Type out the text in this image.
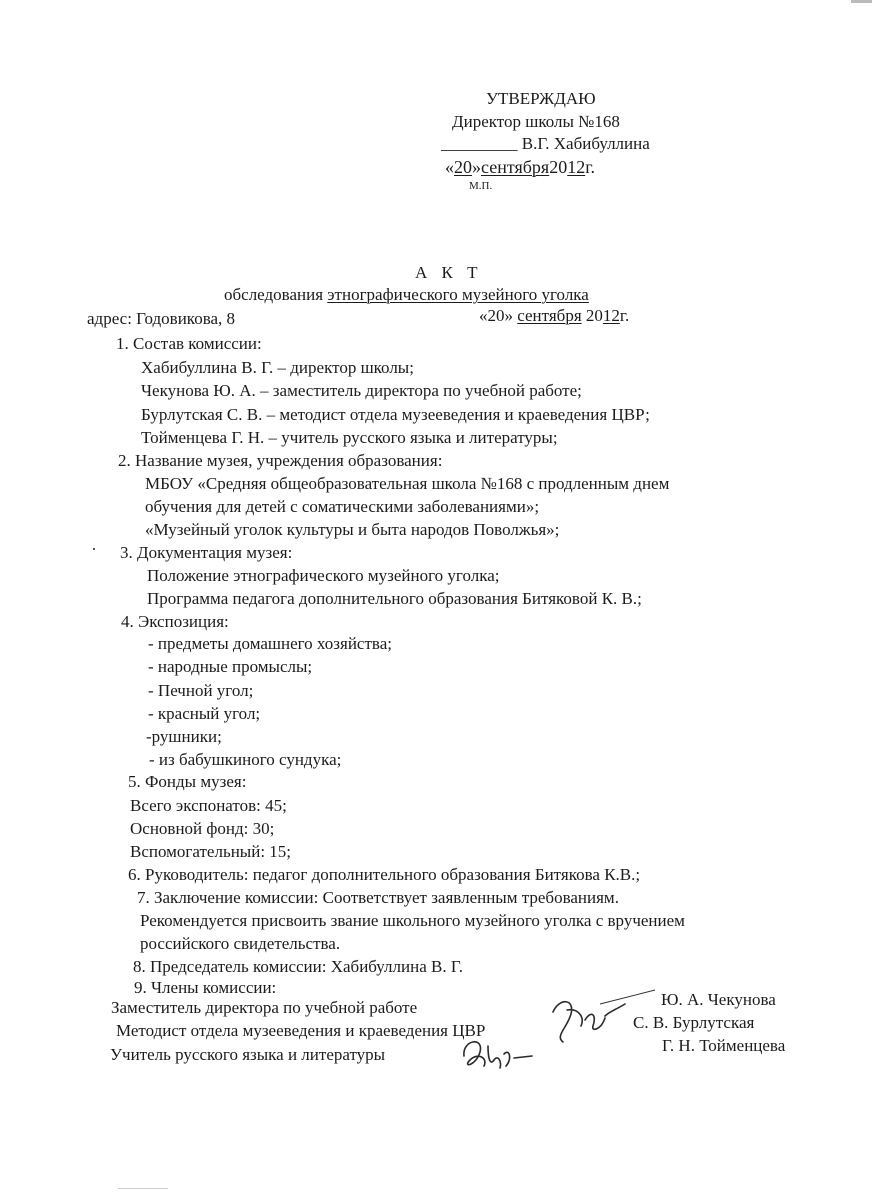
УТВЕРЖДАЮ
Директор школы №168
_________ В.Г. Хабибуллина
«20»сентября2012г.
М.П.
А К Т
обследования этнографического музейного уголка
адрес: Годовикова, 8	«20» сентября 2012г.
1. Состав комиссии:
Хабибуллина В. Г. – директор школы;
Чекунова Ю. А. – заместитель директора по учебной работе;
Бурлутская С. В. – методист отдела музееведения и краеведения ЦВР;
Тойменцева Г. Н. – учитель русского языка и литературы;
2. Название музея, учреждения образования:
МБОУ «Средняя общеобразовательная школа №168 с продленным днем
обучения для детей с соматическими заболеваниями»;
«Музейный уголок культуры и быта народов Поволжья»;
3. Документация музея:
Положение этнографического музейного уголка;
Программа педагога дополнительного образования Битяковой К. В.;
4. Экспозиция:
- предметы домашнего хозяйства;
- народные промыслы;
- Печной угол;
- красный угол;
-рушники;
- из бабушкиного сундука;
5. Фонды музея:
Всего экспонатов: 45;
Основной фонд: 30;
Вспомогательный: 15;
6. Руководитель: педагог дополнительного образования Битякова К.В.;
7. Заключение комиссии: Соответствует заявленным требованиям.
Рекомендуется присвоить звание школьного музейного уголка с вручением
российского свидетельства.
8. Председатель комиссии: Хабибуллина В. Г.
9. Члены комиссии:
Заместитель директора по учебной работе	Ю. А. Чекунова
Методист отдела музееведения и краеведения ЦВР	С. В. Бурлутская
Учитель русского языка и литературы	Г. Н. Тойменцева
